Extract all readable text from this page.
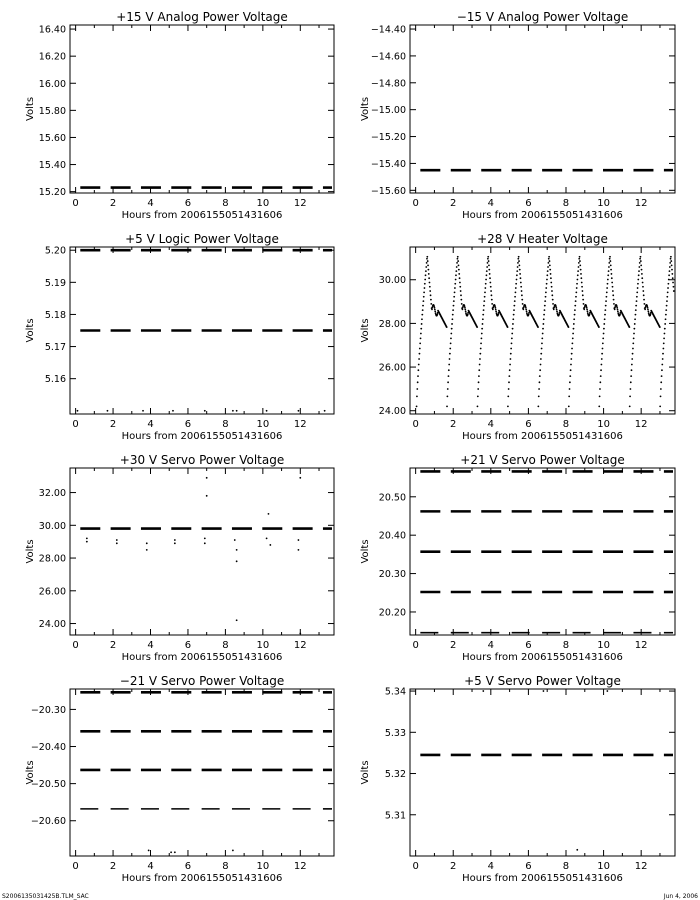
+15 V Analog Power Voltage
0	2	4	6	8	10 12
Hours from 2006155051431606
15.20
15.40
15.60
15.80
16.00
16.20
16.40
Volts
−15 V Analog Power Voltage
0	2	4	6	8	10 12
Hours from 2006155051431606
−15.60
−15.40
−15.20
−15.00
−14.80
−14.60
−14.40
Volts
+5 V Logic Power Voltage
0	2	4	6	8	10 12
Hours from 2006155051431606
5.16
5.17
5.18
5.19
5.20
Volts
+28 V Heater Voltage
0	2	4	6	8	10 12
Hours from 2006155051431606
24.00
26.00
28.00
30.00
Volts
+30 V Servo Power Voltage
0	2	4	6	8	10 12
Hours from 2006155051431606
24.00
26.00
28.00
30.00
32.00
Volts
+21 V Servo Power Voltage
0	2	4	6	8	10 12
Hours from 2006155051431606
20.20
20.30
20.40
20.50
Volts
−21 V Servo Power Voltage
0	2	4	6	8	10 12
Hours from 2006155051431606
−20.60
−20.50
−20.40
−20.30
Volts
+5 V Servo Power Voltage
0	2	4	6	8	10 12
Hours from 2006155051431606
5.31
5.32
5.33
5.34
Volts
S2006135031425B.TLM_SAC	Jun 4, 2006
